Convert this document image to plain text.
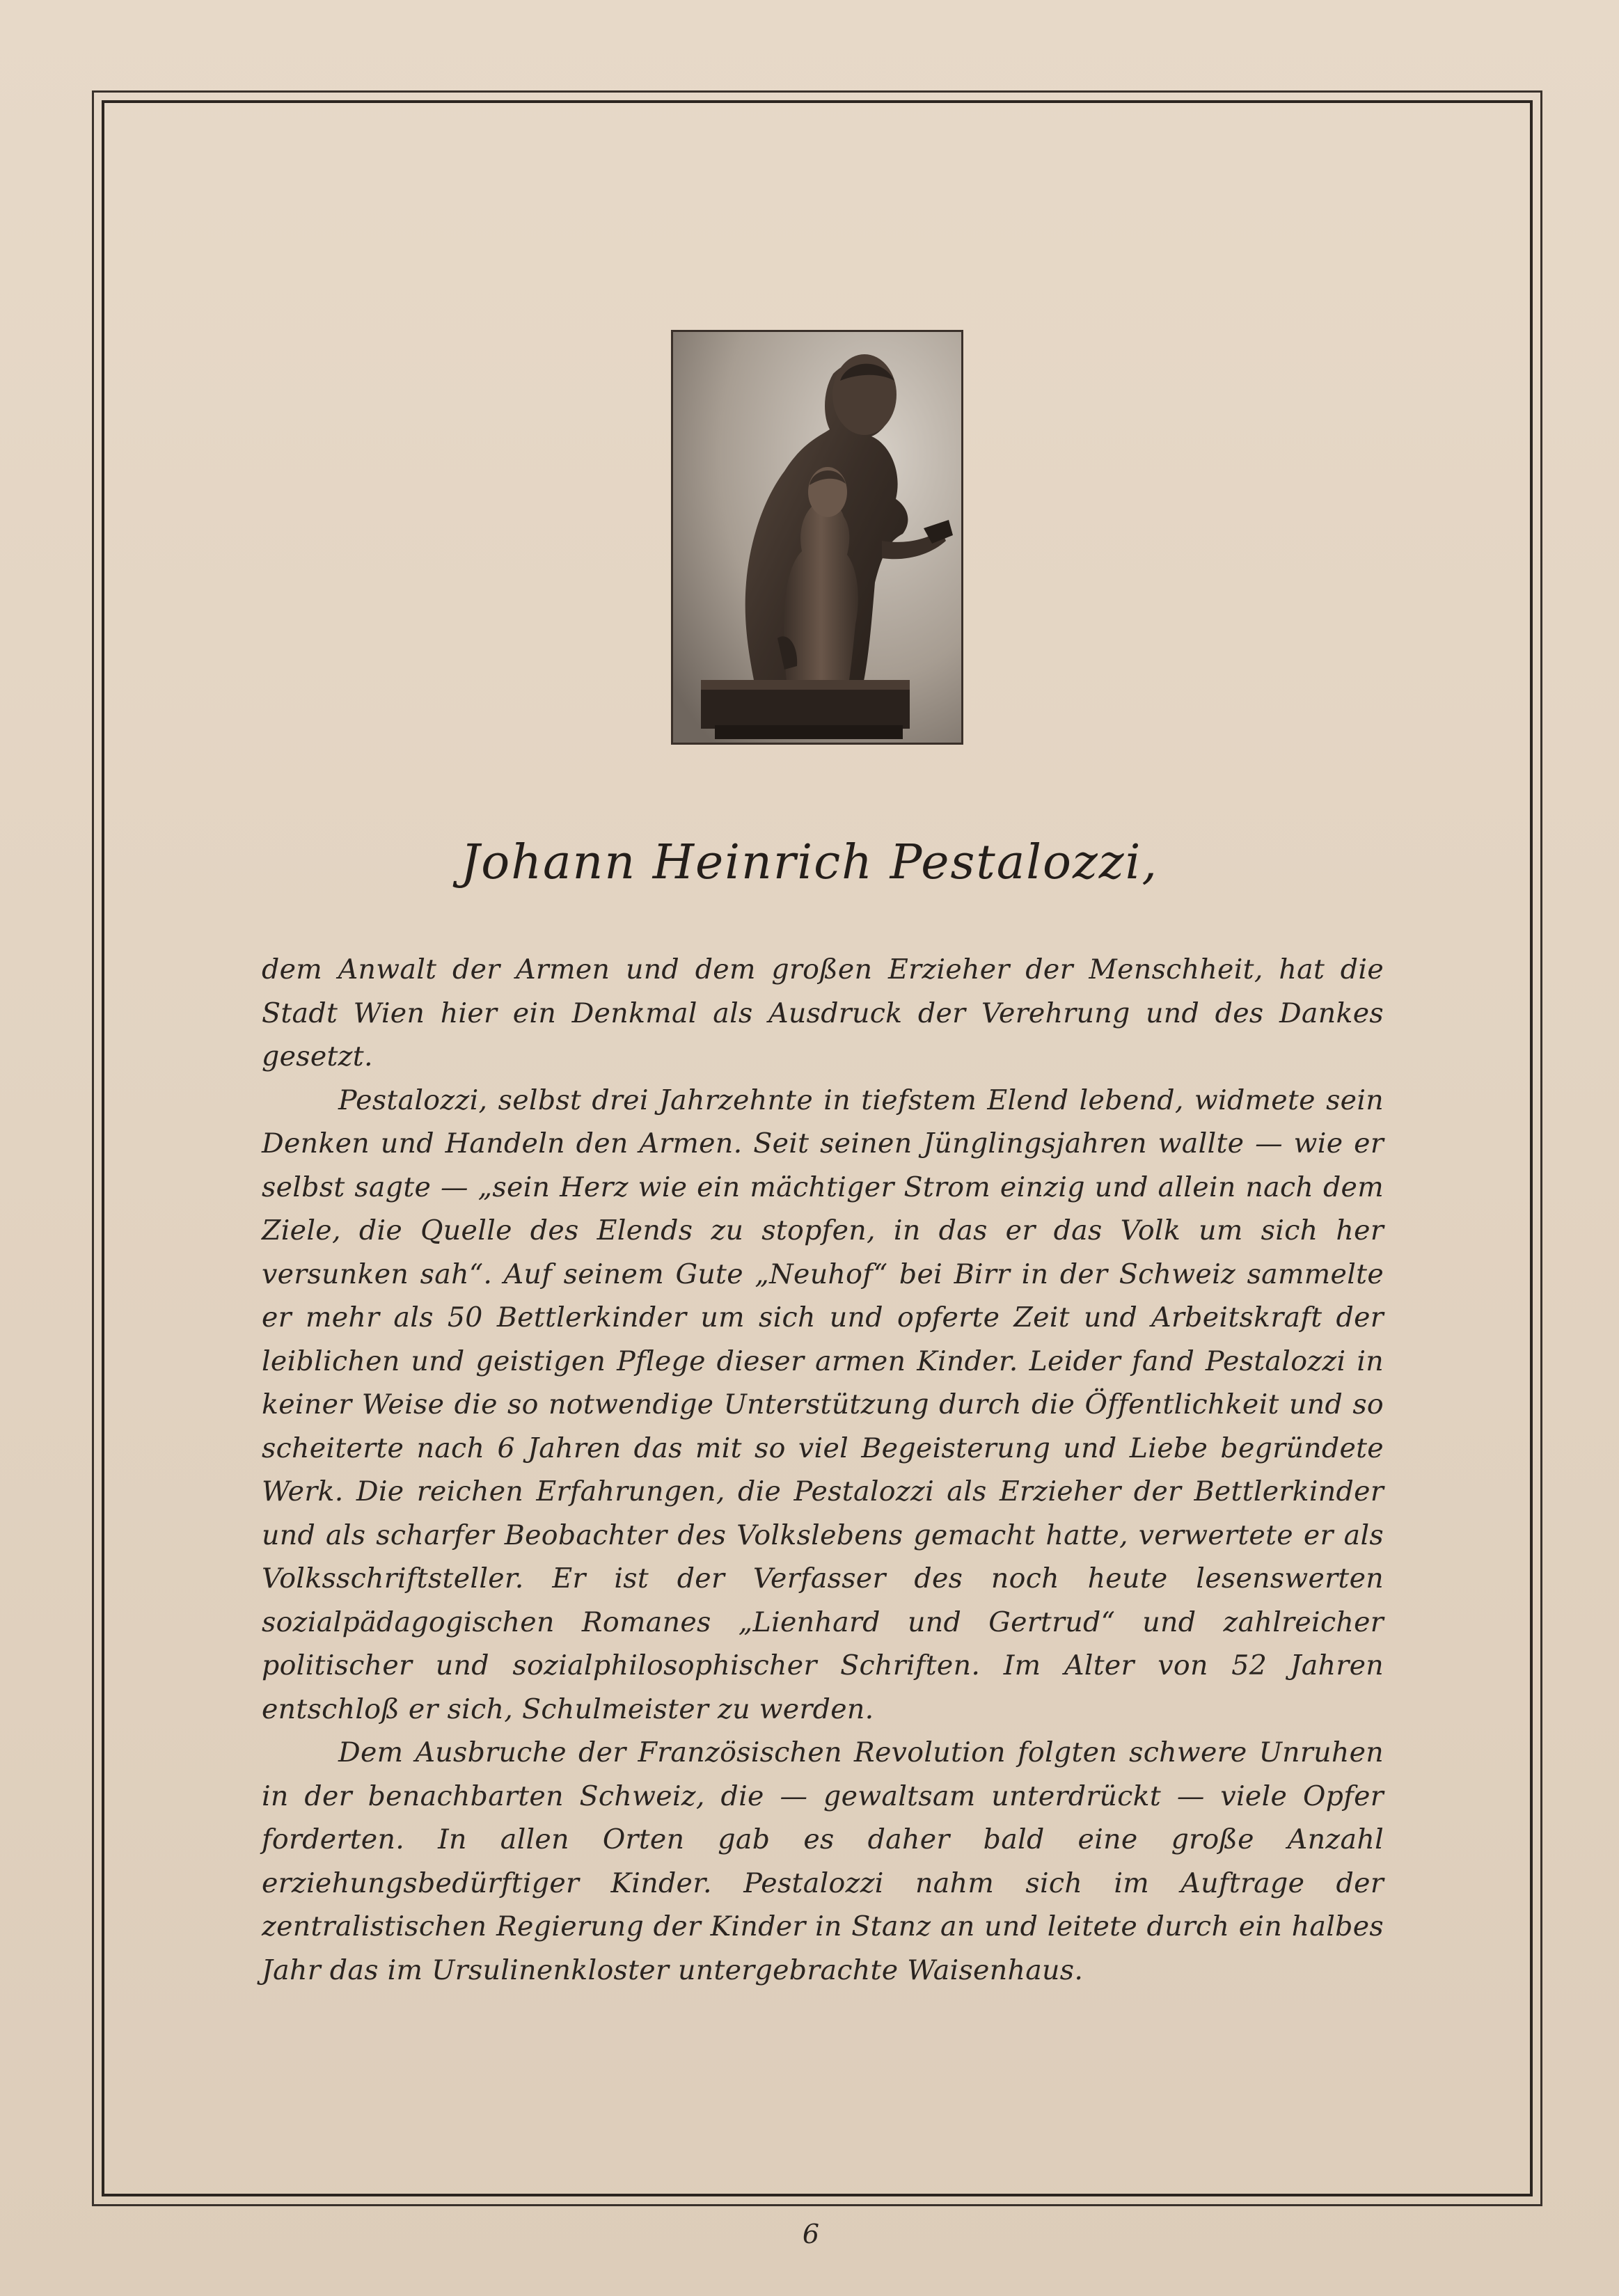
Johann Heinrich Pestalozzi,

dem Anwalt der Armen und dem großen Erzieher der Menschheit, hat die Stadt Wien hier ein Denkmal als Ausdruck der Verehrung und des Dankes gesetzt.

Pestalozzi, selbst drei Jahrzehnte in tiefstem Elend lebend, widmete sein Denken und Handeln den Armen. Seit seinen Jünglingsjahren wallte — wie er selbst sagte — „sein Herz wie ein mächtiger Strom einzig und allein nach dem Ziele, die Quelle des Elends zu stopfen, in das er das Volk um sich her versunken sah“. Auf seinem Gute „Neuhof“ bei Birr in der Schweiz sammelte er mehr als 50 Bettlerkinder um sich und opferte Zeit und Arbeitskraft der leiblichen und geistigen Pflege dieser armen Kinder. Leider fand Pestalozzi in keiner Weise die so notwendige Unterstützung durch die Öffentlichkeit und so scheiterte nach 6 Jahren das mit so viel Begeisterung und Liebe begründete Werk. Die reichen Erfahrungen, die Pestalozzi als Erzieher der Bettlerkinder und als scharfer Beobachter des Volkslebens gemacht hatte, verwertete er als Volksschriftsteller. Er ist der Verfasser des noch heute lesenswerten sozialpädagogischen Romanes „Lienhard und Gertrud“ und zahlreicher politischer und sozialphilosophischer Schriften. Im Alter von 52 Jahren entschloß er sich, Schulmeister zu werden.

Dem Ausbruche der Französischen Revolution folgten schwere Unruhen in der benachbarten Schweiz, die — gewaltsam unterdrückt — viele Opfer forderten. In allen Orten gab es daher bald eine große Anzahl erziehungsbedürftiger Kinder. Pestalozzi nahm sich im Auftrage der zentralistischen Regierung der Kinder in Stanz an und leitete durch ein halbes Jahr das im Ursulinenkloster untergebrachte Waisenhaus.

6
